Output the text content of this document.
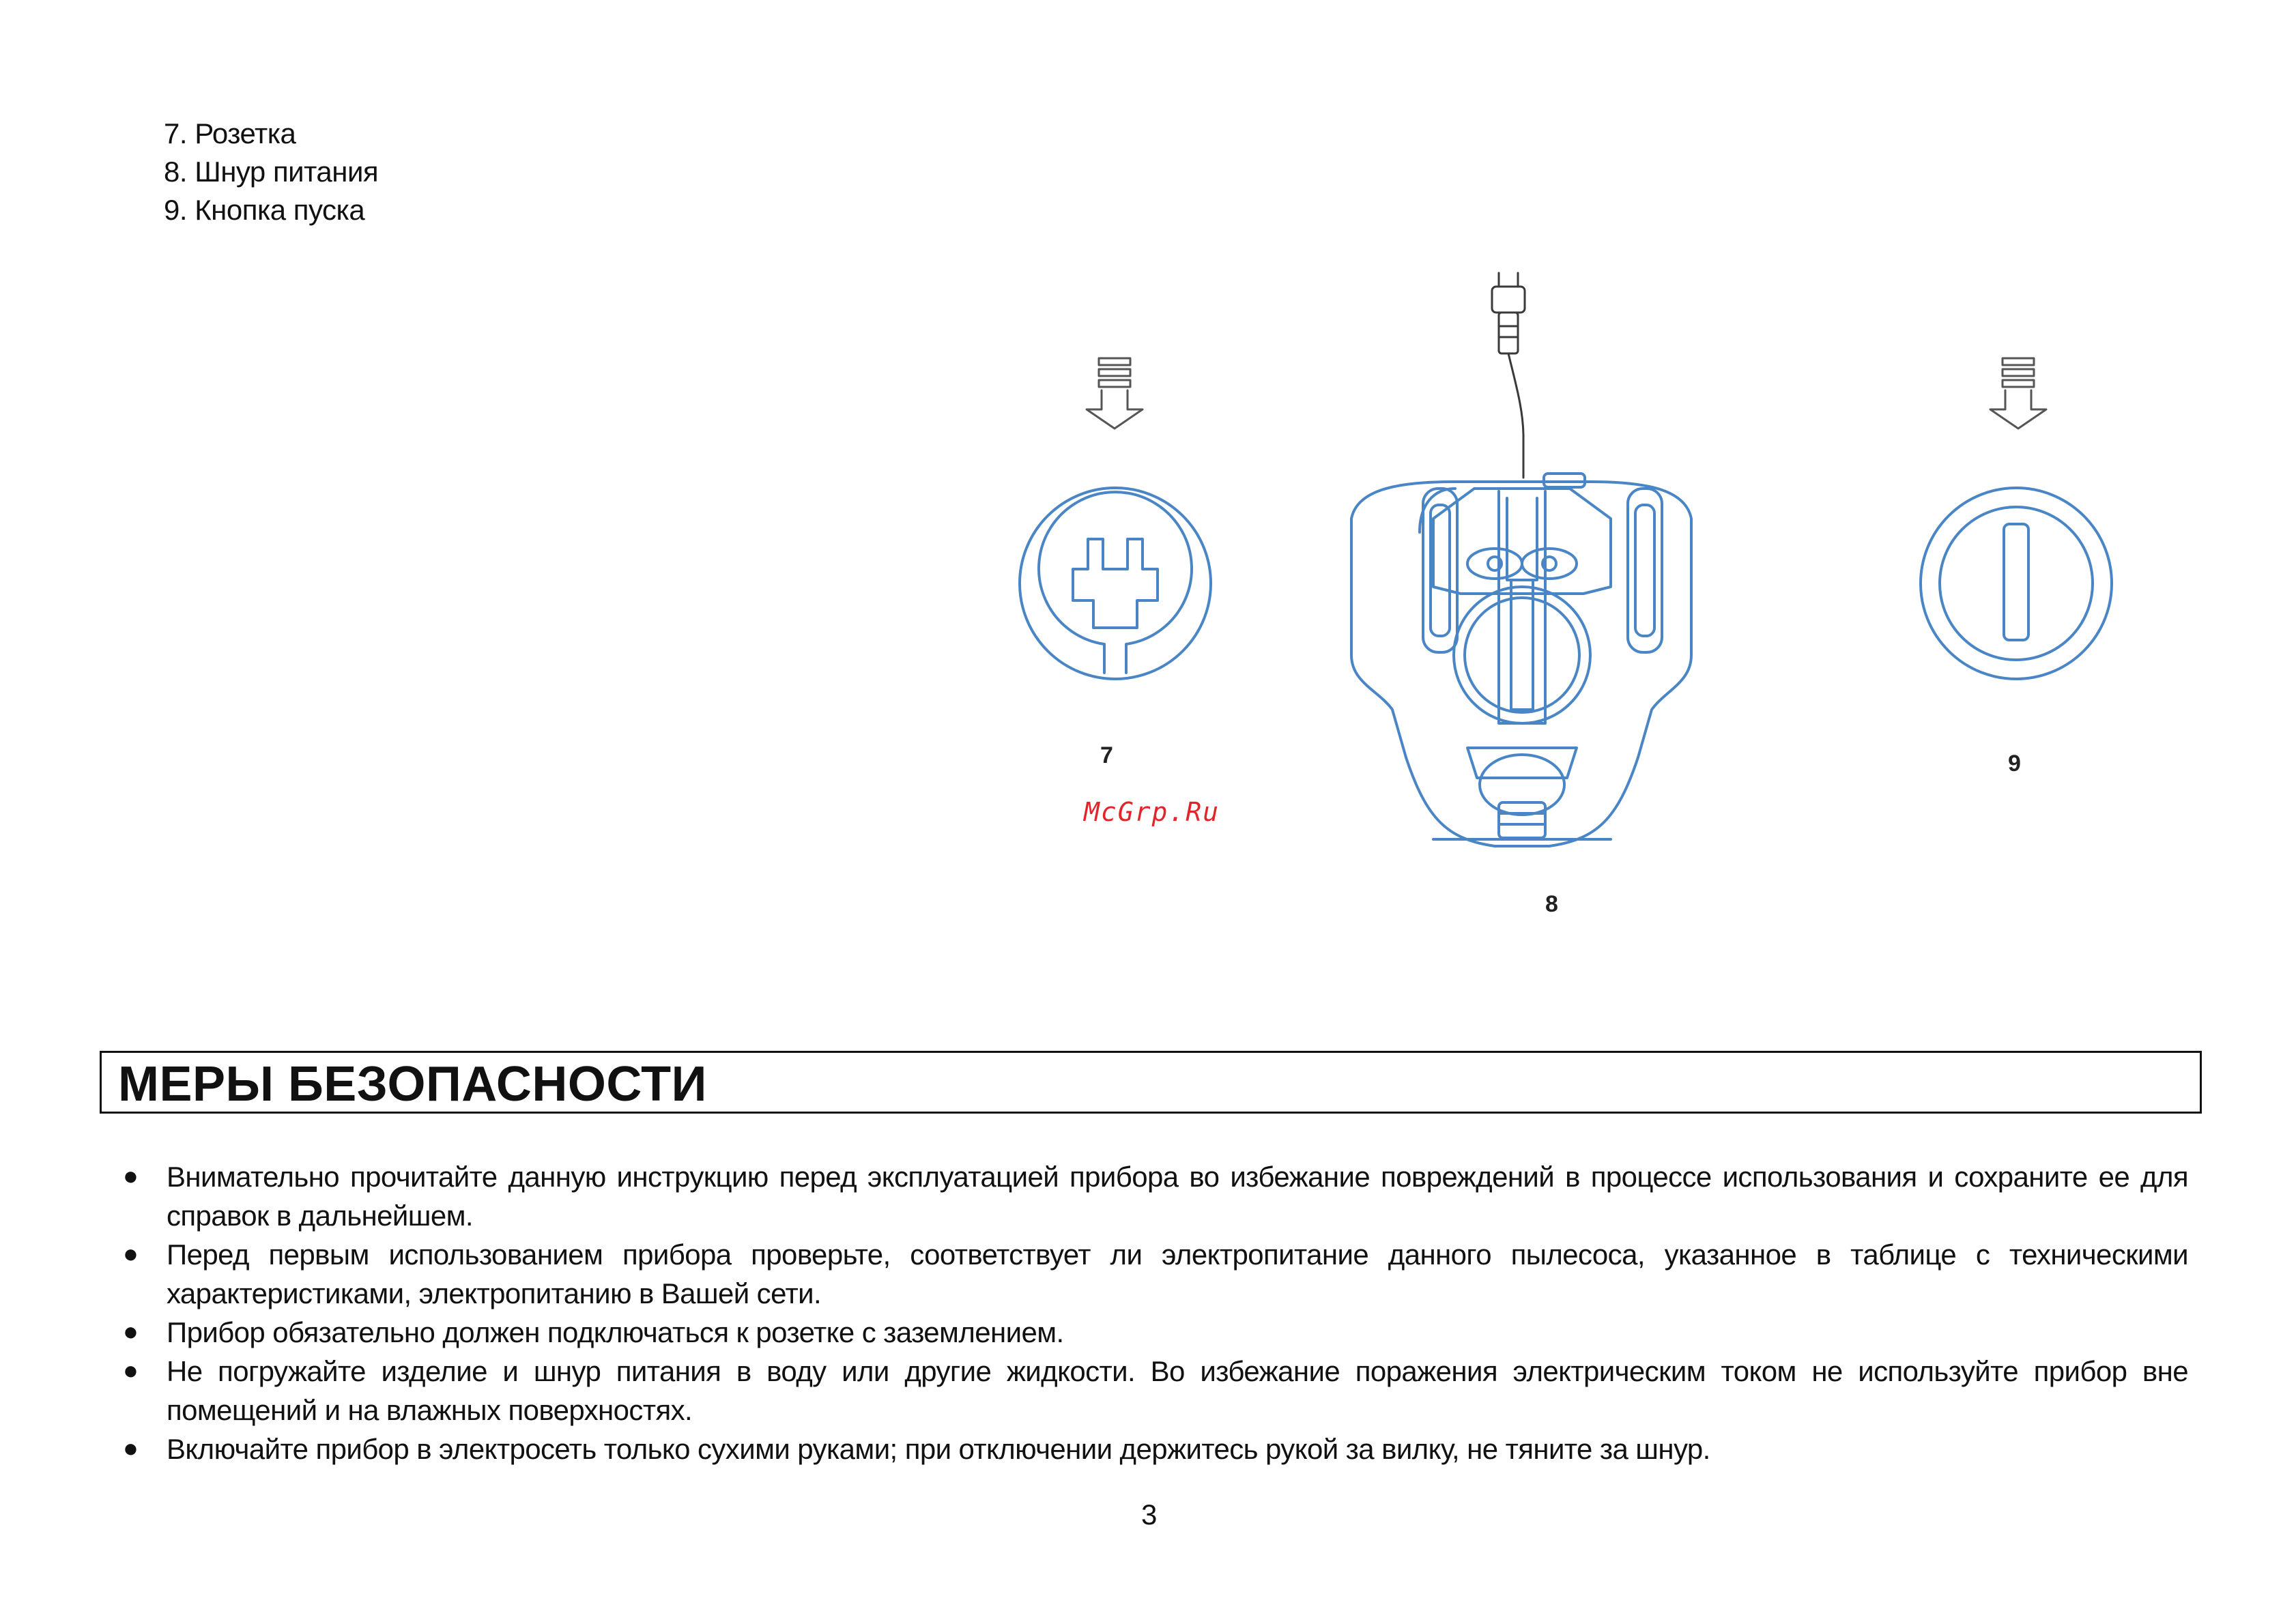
7. Розетка
8. Шнур питания
9. Кнопка пуска
7
8
9
McGrp.Ru
МЕРЫ БЕЗОПАСНОСТИ
● Внимательно прочитайте данную инструкцию перед эксплуатацией прибора во избежание повреждений в процессе использования и сохраните ее для справок в дальнейшем.
● Перед первым использованием прибора проверьте, соответствует ли электропитание данного пылесоса, указанное в таблице с техническими характеристиками, электропитанию в Вашей сети.
● Прибор обязательно должен подключаться к розетке с заземлением.
● Не погружайте изделие и шнур питания в воду или другие жидкости. Во избежание поражения электрическим током не используйте прибор вне помещений и на влажных поверхностях.
● Включайте прибор в электросеть только сухими руками; при отключении держитесь рукой за вилку, не тяните за шнур.
3
